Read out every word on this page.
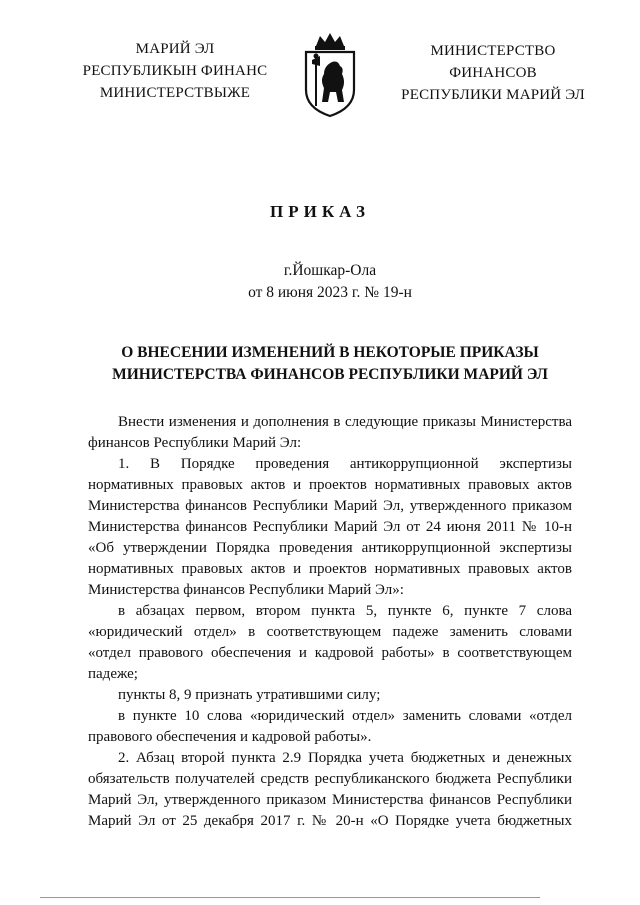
МАРИЙ ЭЛ
РЕСПУБЛИКЫН ФИНАНС
МИНИСТЕРСТВЫЖЕ
МИНИСТЕРСТВО
ФИНАНСОВ
РЕСПУБЛИКИ МАРИЙ ЭЛ
ПРИКАЗ
г.Йошкар-Ола
от 8 июня 2023 г. № 19-н
О ВНЕСЕНИИ ИЗМЕНЕНИЙ В НЕКОТОРЫЕ ПРИКАЗЫ
МИНИСТЕРСТВА ФИНАНСОВ РЕСПУБЛИКИ МАРИЙ ЭЛ

Внести изменения и дополнения в следующие приказы Министерства финансов Республики Марий Эл:

1. В Порядке проведения антикоррупционной экспертизы нормативных правовых актов и проектов нормативных правовых актов Министерства финансов Республики Марий Эл, утвержденного приказом Министерства финансов Республики Марий Эл от 24 июня 2011 № 10-н «Об утверждении Порядка проведения антикоррупционной экспертизы нормативных правовых актов и проектов нормативных правовых актов Министерства финансов Республики Марий Эл»:

в абзацах первом, втором пункта 5, пункте 6, пункте 7 слова «юридический отдел» в соответствующем падеже заменить словами «отдел правового обеспечения и кадровой работы» в соответствующем падеже;

пункты 8, 9 признать утратившими силу;

в пункте 10 слова «юридический отдел» заменить словами «отдел правового обеспечения и кадровой работы».

2. Абзац второй пункта 2.9 Порядка учета бюджетных и денежных обязательств получателей средств республиканского бюджета Республики Марий Эл, утвержденного приказом Министерства финансов Республики Марий Эл от 25 декабря 2017 г. № 20-н «О Порядке учета бюджетных
